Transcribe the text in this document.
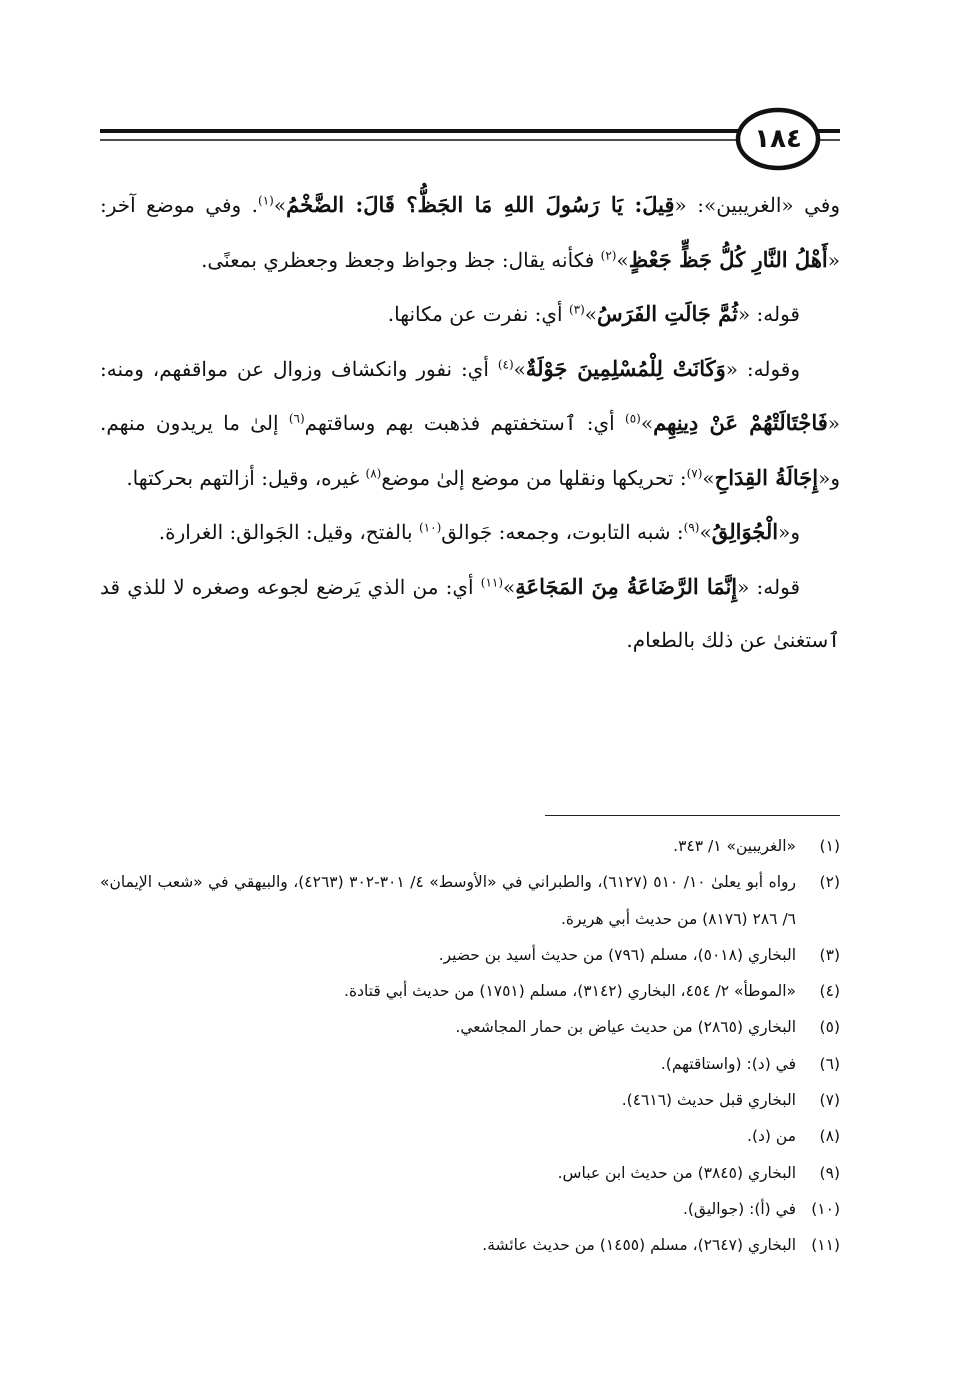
١٨٤

وفي «الغريبين»: «قِيلَ: يَا رَسُولَ اللهِ مَا الجَظُّ؟ قَالَ: الضَّخْمُ»$^{(١)}$. وفي موضع آخر: «أَهْلُ النَّارِ كُلُّ جَظٍّ جَعْظٍ»$^{(٢)}$ فكأنه يقال: جظ وجواظ وجعظ وجعظري بمعنًى.

قوله: «ثُمَّ جَالَتِ الفَرَسُ»$^{(٣)}$ أي: نفرت عن مكانها.

وقوله: «وَكَانَتْ لِلْمُسْلِمِينَ جَوْلَةٌ»$^{(٤)}$ أي: نفور وانكشاف وزوال عن مواقفهم، ومنه: «فَاجْتَالَتْهُمْ عَنْ دِينِهِم»$^{(٥)}$ أي: ٱستخفتهم فذهبت بهم وساقتهم$^{(٦)}$ إلىٰ ما يريدون منهم. و«إِجَالَةُ القِدَاحِ»$^{(٧)}$: تحريكها ونقلها من موضع إلىٰ موضع$^{(٨)}$ غيره، وقيل: أزالتهم بحركتها.

و«الْجُوَالِقُ»$^{(٩)}$: شبه التابوت، وجمعه: جَوالق$^{(١٠)}$ بالفتح، وقيل: الجَوالق: الغرارة.

قوله: «إِنَّمَا الرَّضَاعَةُ مِنَ المَجَاعَةِ»$^{(١١)}$ أي: من الذي يَرضع لجوعه وصغره لا للذي قد ٱستغنىٰ عن ذلك بالطعام.

(١)
«الغريبين» ١/ ٣٤٣.
(٢)
رواه أبو يعلىٰ ١٠/ ٥١٠ (٦١٢٧)، والطبراني في «الأوسط» ٤/ ٣٠١-٣٠٢ (٤٢٦٣)، والبيهقي في «شعب الإيمان» ٦/ ٢٨٦ (٨١٧٦) من حديث أبي هريرة.
(٣)
البخاري (٥٠١٨)، مسلم (٧٩٦) من حديث أسيد بن حضير.
(٤)
«الموطأ» ٢/ ٤٥٤، البخاري (٣١٤٢)، مسلم (١٧٥١) من حديث أبي قتادة.
(٥)
البخاري (٢٨٦٥) من حديث عياض بن حمار المجاشعي.
(٦)
في (د): (واستاقتهم).
(٧)
البخاري قبل حديث (٤٦١٦).
(٨)
من (د).
(٩)
البخاري (٣٨٤٥) من حديث ابن عباس.
(١٠)
في (أ): (جواليق).
(١١)
البخاري (٢٦٤٧)، مسلم (١٤٥٥) من حديث عائشة.
